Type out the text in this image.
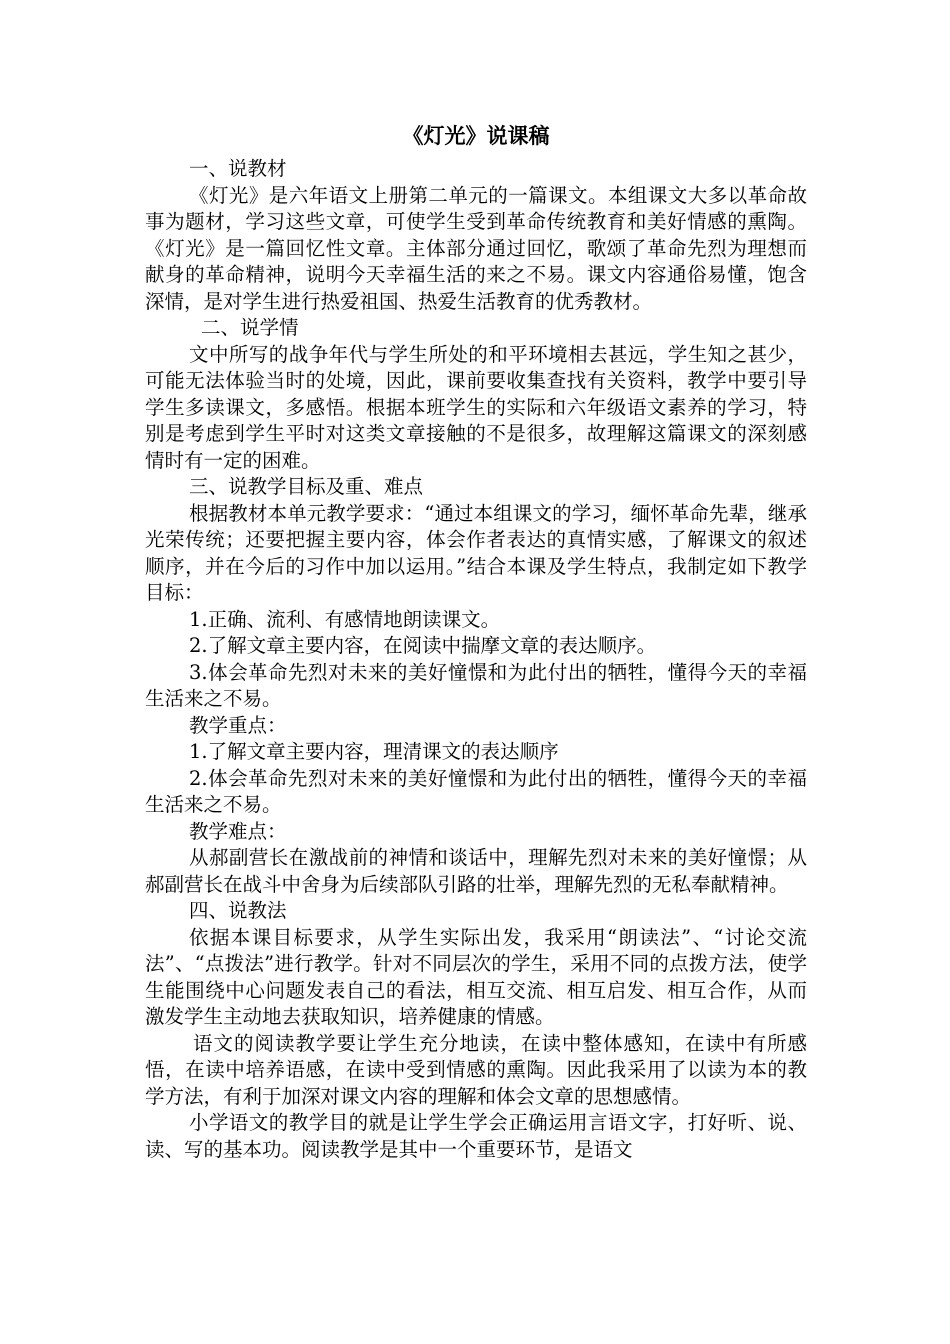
《灯光》说课稿

一、说教材

《灯光》是六年语文上册第二单元的一篇课文。本组课文大多以革命故事为题材，学习这些文章，可使学生受到革命传统教育和美好情感的熏陶。《灯光》是一篇回忆性文章。主体部分通过回忆，歌颂了革命先烈为理想而献身的革命精神，说明今天幸福生活的来之不易。课文内容通俗易懂，饱含深情，是对学生进行热爱祖国、热爱生活教育的优秀教材。

二、说学情

文中所写的战争年代与学生所处的和平环境相去甚远，学生知之甚少，可能无法体验当时的处境，因此，课前要收集查找有关资料，教学中要引导学生多读课文，多感悟。根据本班学生的实际和六年级语文素养的学习，特别是考虑到学生平时对这类文章接触的不是很多，故理解这篇课文的深刻感情时有一定的困难。

三、说教学目标及重、难点

根据教材本单元教学要求：“通过本组课文的学习，缅怀革命先辈，继承光荣传统；还要把握主要内容，体会作者表达的真情实感，了解课文的叙述顺序，并在今后的习作中加以运用。”结合本课及学生特点，我制定如下教学目标：

1.正确、流利、有感情地朗读课文。

2.了解文章主要内容，在阅读中揣摩文章的表达顺序。

3.体会革命先烈对未来的美好憧憬和为此付出的牺牲，懂得今天的幸福生活来之不易。

教学重点：

1.了解文章主要内容，理清课文的表达顺序

2.体会革命先烈对未来的美好憧憬和为此付出的牺牲，懂得今天的幸福生活来之不易。

教学难点：

从郝副营长在激战前的神情和谈话中，理解先烈对未来的美好憧憬；从郝副营长在战斗中舍身为后续部队引路的壮举，理解先烈的无私奉献精神。

四、说教法

依据本课目标要求，从学生实际出发，我采用“朗读法”、“讨论交流法”、“点拨法”进行教学。针对不同层次的学生，采用不同的点拨方法，使学生能围绕中心问题发表自己的看法，相互交流、相互启发、相互合作，从而激发学生主动地去获取知识，培养健康的情感。

语文的阅读教学要让学生充分地读，在读中整体感知，在读中有所感悟，在读中培养语感，在读中受到情感的熏陶。因此我采用了以读为本的教学方法，有利于加深对课文内容的理解和体会文章的思想感情。

小学语文的教学目的就是让学生学会正确运用言语文字，打好听、说、读、写的基本功。阅读教学是其中一个重要环节，是语文
